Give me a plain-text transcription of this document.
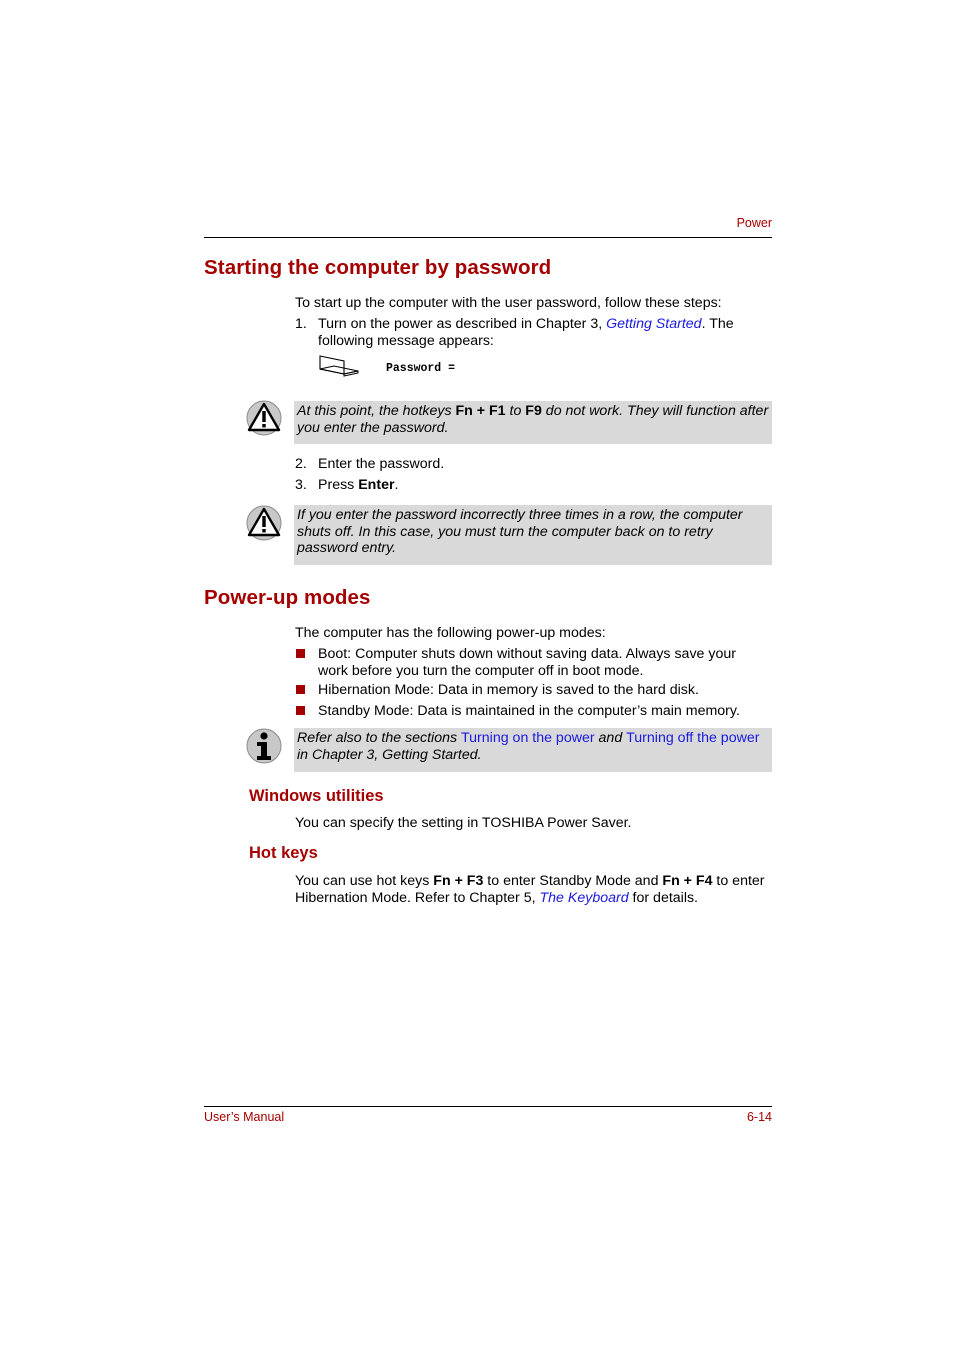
Power
Starting the computer by password
To start up the computer with the user password, follow these steps:
1. Turn on the power as described in Chapter 3, Getting Started. The
following message appears:
Password =
At this point, the hotkeys Fn + F1 to F9 do not work. They will function after
you enter the password.
2. Enter the password.
3. Press Enter.
If you enter the password incorrectly three times in a row, the computer
shuts off. In this case, you must turn the computer back on to retry
password entry.
Power-up modes
The computer has the following power-up modes:
Boot: Computer shuts down without saving data. Always save your
work before you turn the computer off in boot mode.
Hibernation Mode: Data in memory is saved to the hard disk.
Standby Mode: Data is maintained in the computer’s main memory.
Refer also to the sections Turning on the power and Turning off the power
in Chapter 3, Getting Started.
Windows utilities
You can specify the setting in TOSHIBA Power Saver.
Hot keys
You can use hot keys Fn + F3 to enter Standby Mode and Fn + F4 to enter
Hibernation Mode. Refer to Chapter 5, The Keyboard for details.
User’s Manual	6-14
